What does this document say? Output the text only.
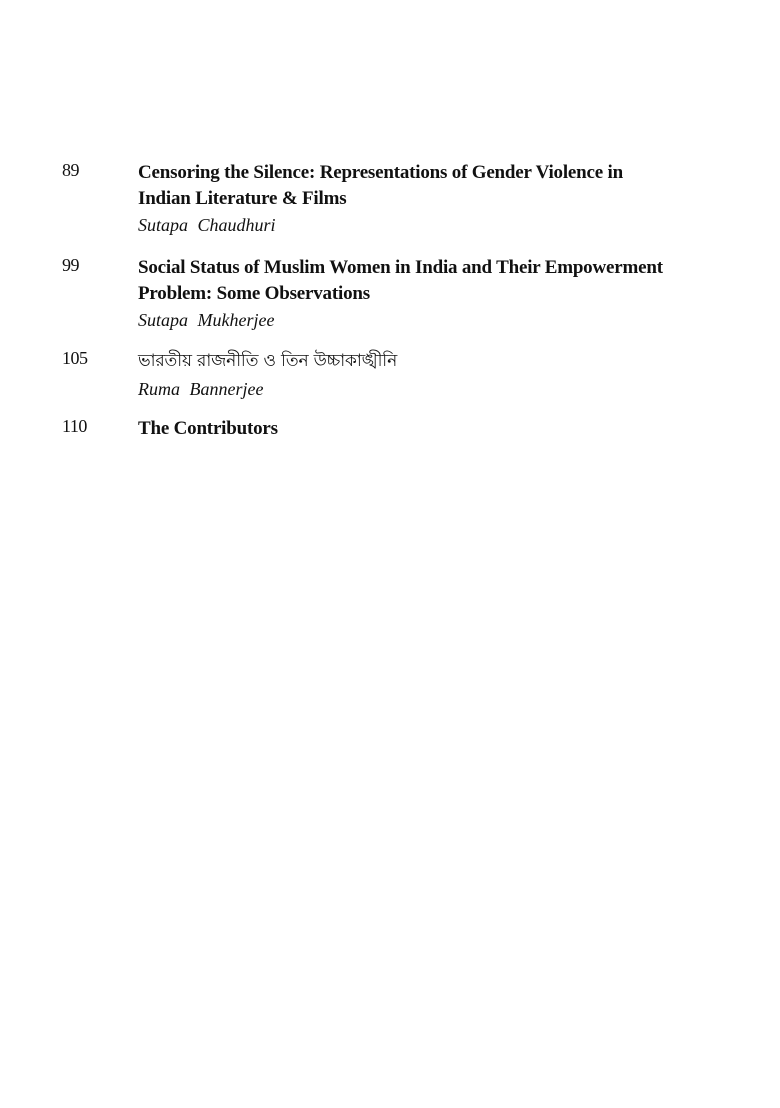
89	Censoring the Silence: Representations of Gender Violence in
Indian Literature & Films
Sutapa Chaudhuri
99	Social Status of Muslim Women in India and Their Empowerment
Problem: Some Observations
Sutapa Mukherjee
105	ভারতীয় রাজনীতি ও তিন উচ্চাকাঙ্খীনি
Ruma Bannerjee
110	The Contributors
